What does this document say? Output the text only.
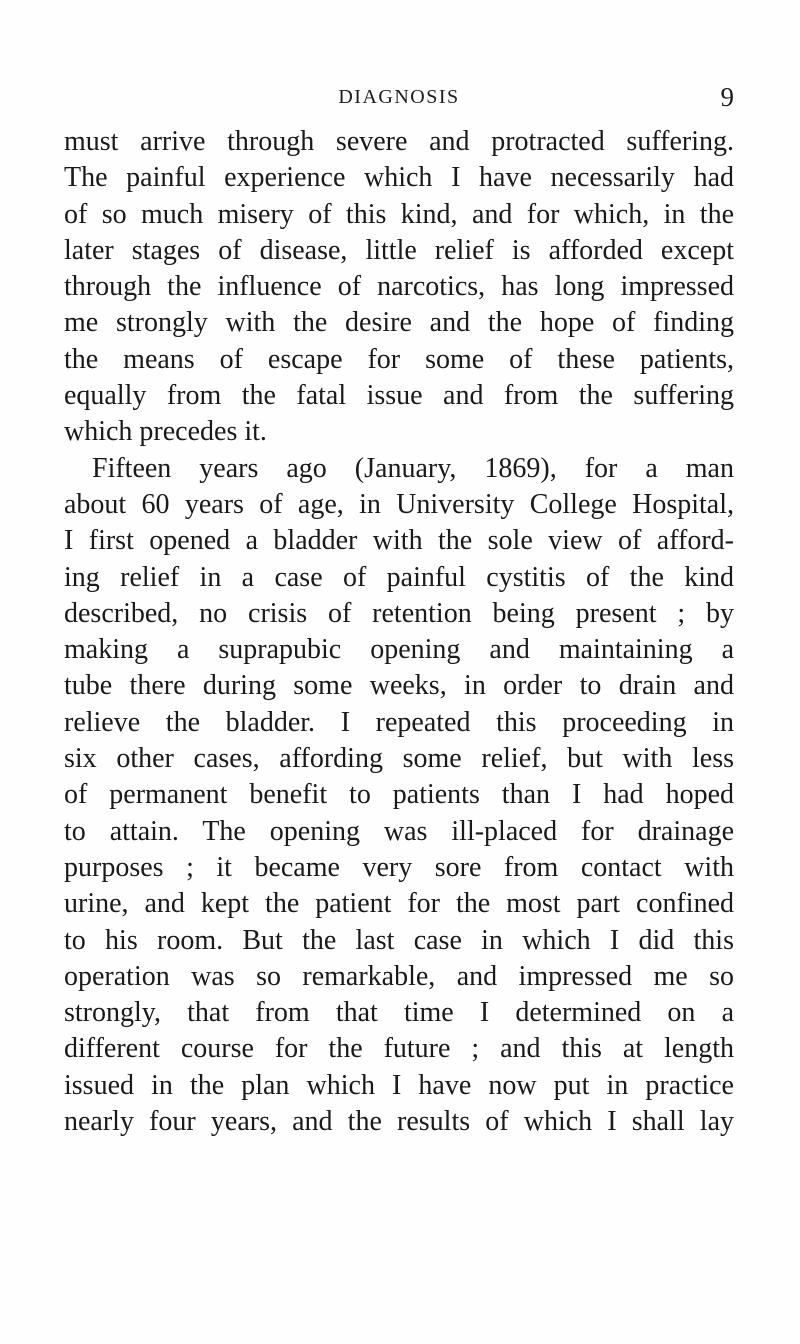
DIAGNOSIS	9
must arrive through severe and protracted suffering.
The painful experience which I have necessarily had
of so much misery of this kind, and for which, in the
later stages of disease, little relief is afforded except
through the influence of narcotics, has long impressed
me strongly with the desire and the hope of finding
the means of escape for some of these patients,
equally from the fatal issue and from the suffering
which precedes it.
Fifteen years ago (January, 1869), for a man
about 60 years of age, in University College Hospital,
I first opened a bladder with the sole view of afford-
ing relief in a case of painful cystitis of the kind
described, no crisis of retention being present ; by
making a suprapubic opening and maintaining a
tube there during some weeks, in order to drain and
relieve the bladder. I repeated this proceeding in
six other cases, affording some relief, but with less
of permanent benefit to patients than I had hoped
to attain. The opening was ill-placed for drainage
purposes ; it became very sore from contact with
urine, and kept the patient for the most part confined
to his room. But the last case in which I did this
operation was so remarkable, and impressed me so
strongly, that from that time I determined on a
different course for the future ; and this at length
issued in the plan which I have now put in practice
nearly four years, and the results of which I shall lay
